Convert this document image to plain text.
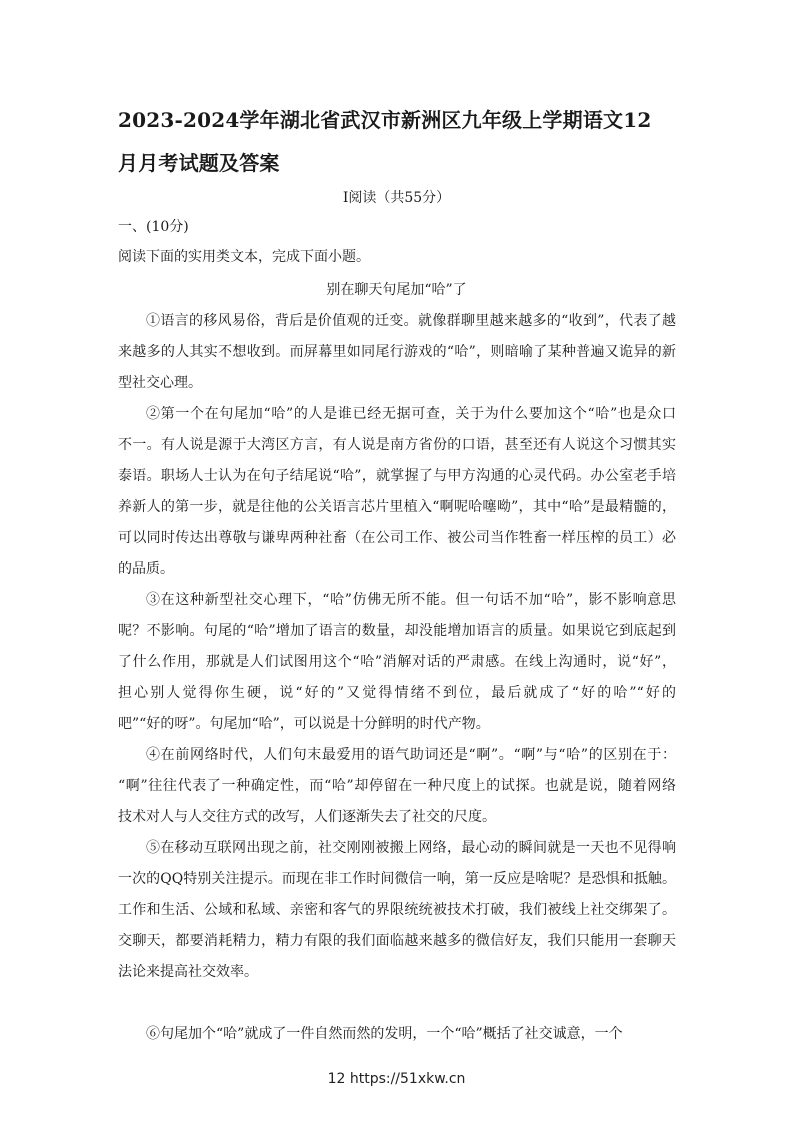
2023-2024学年湖北省武汉市新洲区九年级上学期语文12
月月考试题及答案
Ⅰ阅读（共55分）
一、(10分)
阅读下面的实用类文本，完成下面小题。
别在聊天句尾加“哈”了
①语言的移风易俗，背后是价值观的迁变。就像群聊里越来越多的“收到”，代表了越
来越多的人其实不想收到。而屏幕里如同尾行游戏的“哈”，则暗喻了某种普遍又诡异的新
型社交心理。
②第一个在句尾加“哈”的人是谁已经无据可查，关于为什么要加这个“哈”也是众口
不一。有人说是源于大湾区方言，有人说是南方省份的口语，甚至还有人说这个习惯其实
泰语。职场人士认为在句子结尾说“哈”，就掌握了与甲方沟通的心灵代码。办公室老手培
养新人的第一步，就是往他的公关语言芯片里植入“啊呢哈噻呦”，其中“哈”是最精髓的，
可以同时传达出尊敬与谦卑两种社畜（在公司工作、被公司当作牲畜一样压榨的员工）必
的品质。
③在这种新型社交心理下，“哈”仿佛无所不能。但一句话不加“哈”，影不影响意思
呢？不影响。句尾的“哈”增加了语言的数量，却没能增加语言的质量。如果说它到底起到
了什么作用，那就是人们试图用这个“哈”消解对话的严肃感。在线上沟通时，说“好”，
担心别人觉得你生硬，说“好的”又觉得情绪不到位，最后就成了“好的哈”“好的
吧”“好的呀”。句尾加“哈”，可以说是十分鲜明的时代产物。
④在前网络时代，人们句末最爱用的语气助词还是“啊”。“啊”与“哈”的区别在于：
“啊”往往代表了一种确定性，而“哈”却停留在一种尺度上的试探。也就是说，随着网络
技术对人与人交往方式的改写，人们逐渐失去了社交的尺度。
⑤在移动互联网出现之前，社交刚刚被搬上网络，最心动的瞬间就是一天也不见得响
一次的QQ特别关注提示。而现在非工作时间微信一响，第一反应是啥呢？是恐惧和抵触。
工作和生活、公域和私域、亲密和客气的界限统统被技术打破，我们被线上社交绑架了。
交聊天，都要消耗精力，精力有限的我们面临越来越多的微信好友，我们只能用一套聊天
法论来提高社交效率。
12 https://51xkw.cn
⑥句尾加个“哈”就成了一件自然而然的发明，一个“哈”概括了社交诚意，一个
